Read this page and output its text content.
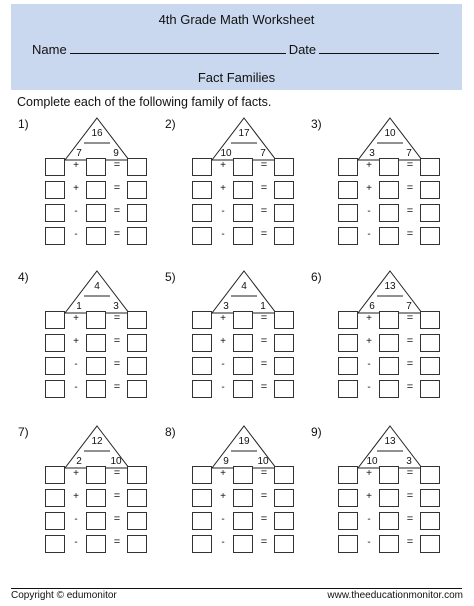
4th Grade Math Worksheet
Name	Date
Fact Families
Complete each of the following family of facts.
1)
16
7	9
+	=
+	=
-	=
-	=
2)
17
10	7
+	=
+	=
-	=
-	=
3)
10
3	7
+	=
+	=
-	=
-	=
4)
4
1	3
+	=
+	=
-	=
-	=
5)
4
3	1
+	=
+	=
-	=
-	=
6)
13
6	7
+	=
+	=
-	=
-	=
7)
12
2	10
+	=
+	=
-	=
-	=
8)
19
9	10
+	=
+	=
-	=
-	=
9)
13
10	3
+	=
+	=
-	=
-	=
Copyright © edumonitor	www.theeducationmonitor.com
